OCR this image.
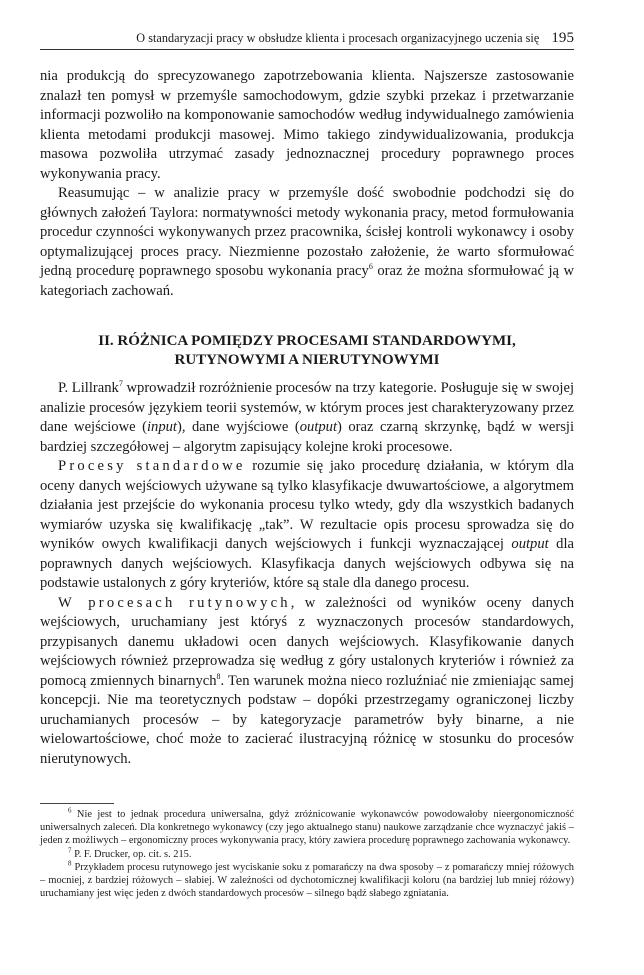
O standaryzacji pracy w obsłudze klienta i procesach organizacyjnego uczenia się 195

nia produkcją do sprecyzowanego zapotrzebowania klienta. Najszersze zastosowanie znalazł ten pomysł w przemyśle samochodowym, gdzie szybki przekaz i przetwarzanie informacji pozwoliło na komponowanie samochodów według indywidualnego zamówienia klienta metodami produkcji masowej. Mimo takiego zindywidualizowania, produkcja masowa pozwoliła utrzymać zasady jednoznacznej procedury poprawnego proces wykonywania pracy.

Reasumując – w analizie pracy w przemyśle dość swobodnie podchodzi się do głównych założeń Taylora: normatywności metody wykonania pracy, metod formułowania procedur czynności wykonywanych przez pracownika, ścisłej kontroli wykonawcy i osoby optymalizującej proces pracy. Niezmienne pozostało założenie, że warto sformułować jedną procedurę poprawnego sposobu wykonania pracy$^6$ oraz że można sformułować ją w kategoriach zachowań.

II. RÓŻNICA POMIĘDZY PROCESAMI STANDARDOWYMI,
RUTYNOWYMI A NIERUTYNOWYMI

P. Lillrank$^7$ wprowadził rozróżnienie procesów na trzy kategorie. Posługuje się w swojej analizie procesów językiem teorii systemów, w którym proces jest charakteryzowany przez dane wejściowe (input), dane wyjściowe (output) oraz czarną skrzynkę, bądź w wersji bardziej szczegółowej – algorytm zapisujący kolejne kroki procesowe.

Procesy standardowe rozumie się jako procedurę działania, w którym dla oceny danych wejściowych używane są tylko klasyfikacje dwuwartościowe, a algorytmem działania jest przejście do wykonania procesu tylko wtedy, gdy dla wszystkich badanych wymiarów uzyska się kwalifikację „tak”. W rezultacie opis procesu sprowadza się do wyników owych kwalifikacji danych wejściowych i funkcji wyznaczającej output dla poprawnych danych wejściowych. Klasyfikacja danych wejściowych odbywa się na podstawie ustalonych z góry kryteriów, które są stale dla danego procesu.

W procesach rutynowych, w zależności od wyników oceny danych wejściowych, uruchamiany jest któryś z wyznaczonych procesów standardowych, przypisanych danemu układowi ocen danych wejściowych. Klasyfikowanie danych wejściowych również przeprowadza się według z góry ustalonych kryteriów i również za pomocą zmiennych binarnych$^8$. Ten warunek można nieco rozluźniać nie zmieniając samej koncepcji. Nie ma teoretycznych podstaw – dopóki przestrzegamy ograniczonej liczby uruchamianych procesów – by kategoryzacje parametrów były binarne, a nie wielowartościowe, choć może to zacierać ilustracyjną różnicę w stosunku do procesów nierutynowych.

$^6$ Nie jest to jednak procedura uniwersalna, gdyż zróżnicowanie wykonawców powodowałoby nieergonomiczność uniwersalnych zaleceń. Dla konkretnego wykonawcy (czy jego aktualnego stanu) naukowe zarządzanie chce wyznaczyć jakiś – jeden z możliwych – ergonomiczny proces wykonywania pracy, który zawiera procedurę poprawnego zachowania wykonawcy.

$^7$ P. F. Drucker, op. cit. s. 215.

$^8$ Przykładem procesu rutynowego jest wyciskanie soku z pomarańczy na dwa sposoby – z pomarańczy mniej różowych – mocniej, z bardziej różowych – słabiej. W zależności od dychotomicznej kwalifikacji koloru (na bardziej lub mniej różowy) uruchamiany jest więc jeden z dwóch standardowych procesów – silnego bądź słabego zgniatania.
